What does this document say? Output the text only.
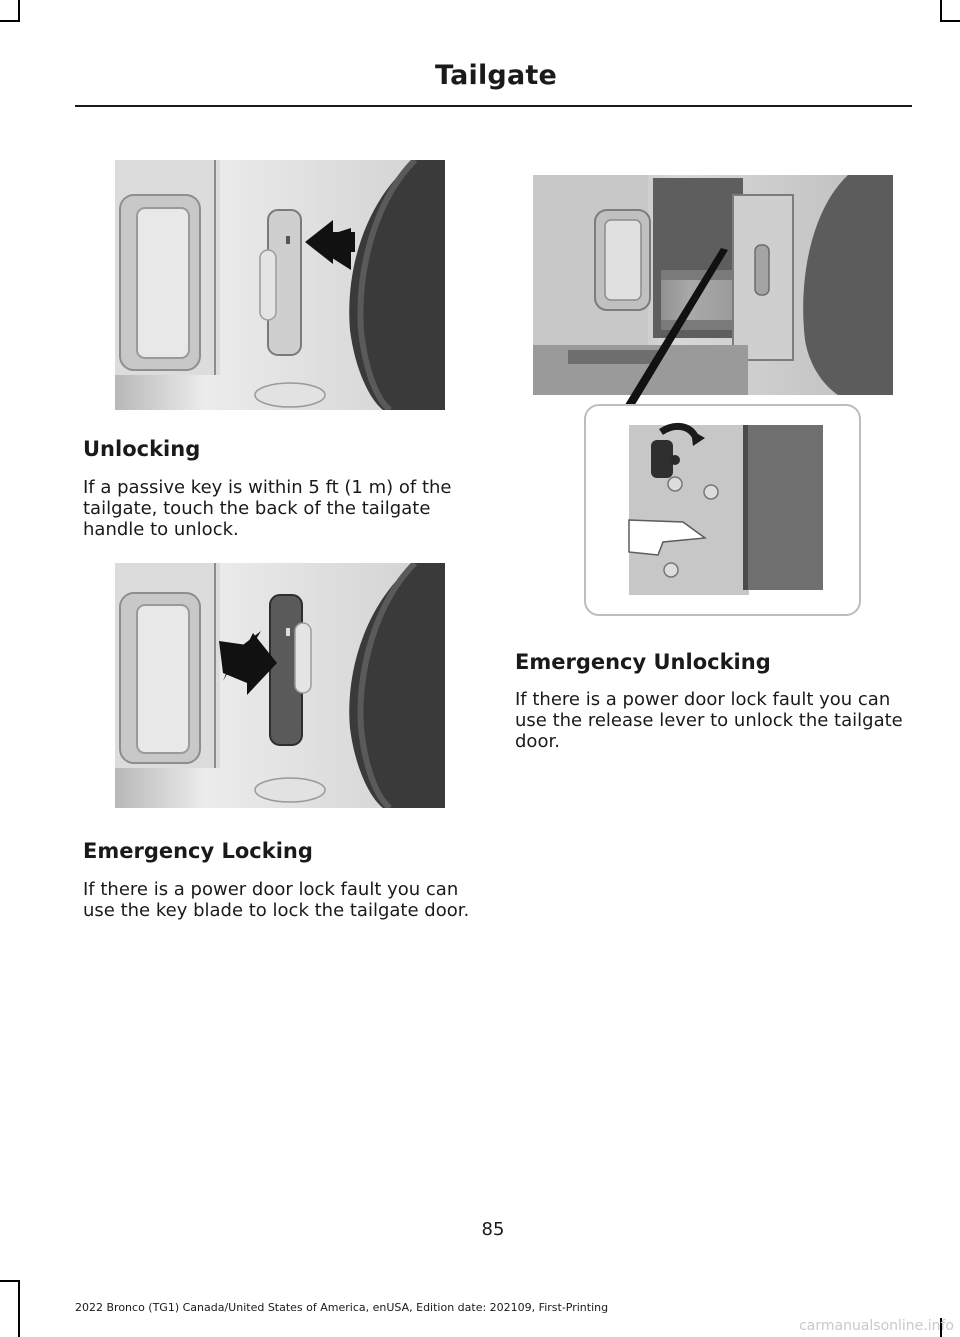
Tailgate
Unlocking

If a passive key is within 5 ft (1 m) of the tailgate, touch the back of the tailgate handle to unlock.

Emergency Locking

If there is a power door lock fault you can use the key blade to lock the tailgate door.

Emergency Unlocking

If there is a power door lock fault you can use the release lever to unlock the tailgate door.

85
2022 Bronco (TG1) Canada/United States of America, enUSA, Edition date: 202109, First-Printing
carmanualsonline.info
